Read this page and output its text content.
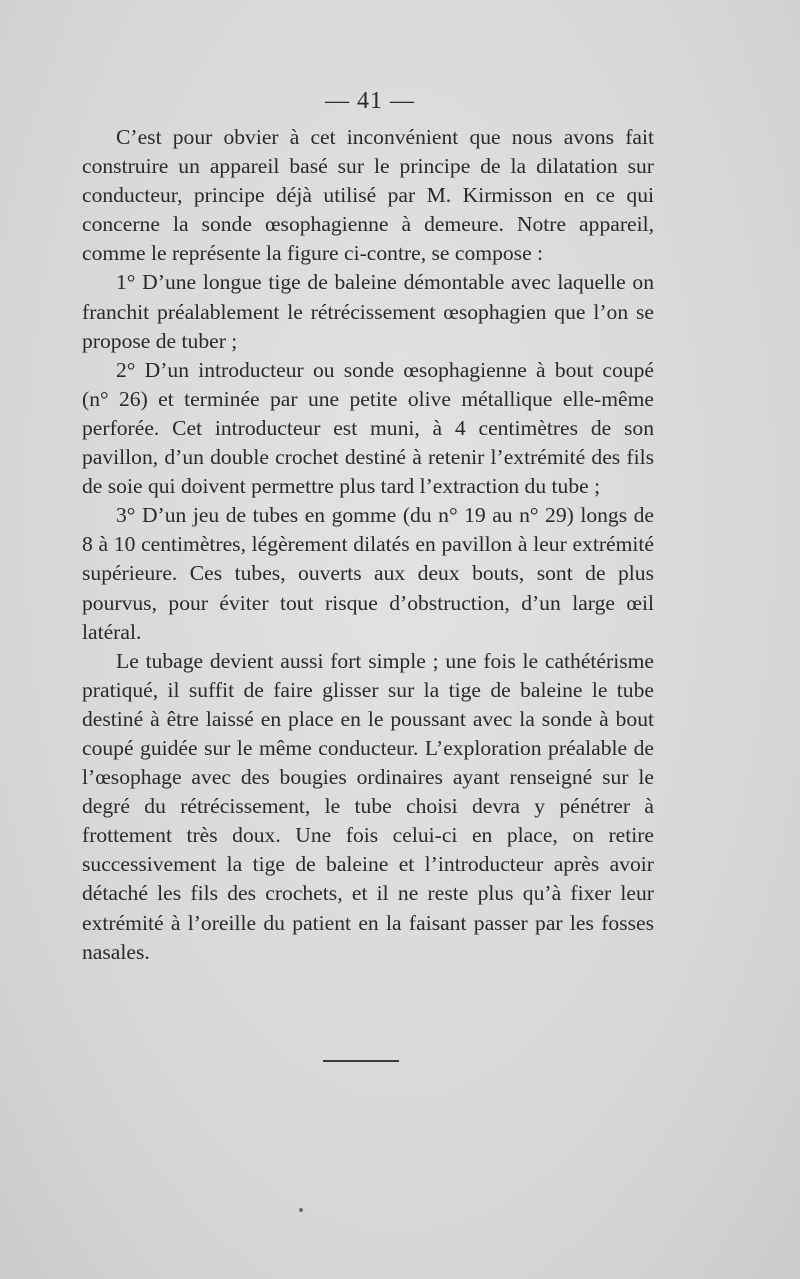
— 41 —

C’est pour obvier à cet inconvénient que nous avons fait construire un appareil basé sur le principe de la dilatation sur conducteur, principe déjà utilisé par M. Kirmisson en ce qui concerne la sonde œsophagienne à demeure. Notre appareil, comme le représente la figure ci-contre, se compose :

1° D’une longue tige de baleine démontable avec laquelle on franchit préalablement le rétrécissement œsophagien que l’on se propose de tuber ;

2° D’un introducteur ou sonde œsophagienne à bout coupé (n° 26) et terminée par une petite olive métallique elle-même perforée. Cet introducteur est muni, à 4 centimètres de son pavillon, d’un double crochet destiné à retenir l’extrémité des fils de soie qui doivent permettre plus tard l’extraction du tube ;

3° D’un jeu de tubes en gomme (du n° 19 au n° 29) longs de 8 à 10 centimètres, légèrement dilatés en pavillon à leur extrémité supérieure. Ces tubes, ouverts aux deux bouts, sont de plus pourvus, pour éviter tout risque d’obstruction, d’un large œil latéral.

Le tubage devient aussi fort simple ; une fois le cathétérisme pratiqué, il suffit de faire glisser sur la tige de baleine le tube destiné à être laissé en place en le poussant avec la sonde à bout coupé guidée sur le même conducteur. L’exploration préalable de l’œsophage avec des bougies ordinaires ayant renseigné sur le degré du rétrécissement, le tube choisi devra y pénétrer à frottement très doux. Une fois celui-ci en place, on retire successivement la tige de baleine et l’introducteur après avoir détaché les fils des crochets, et il ne reste plus qu’à fixer leur extrémité à l’oreille du patient en la faisant passer par les fosses nasales.
